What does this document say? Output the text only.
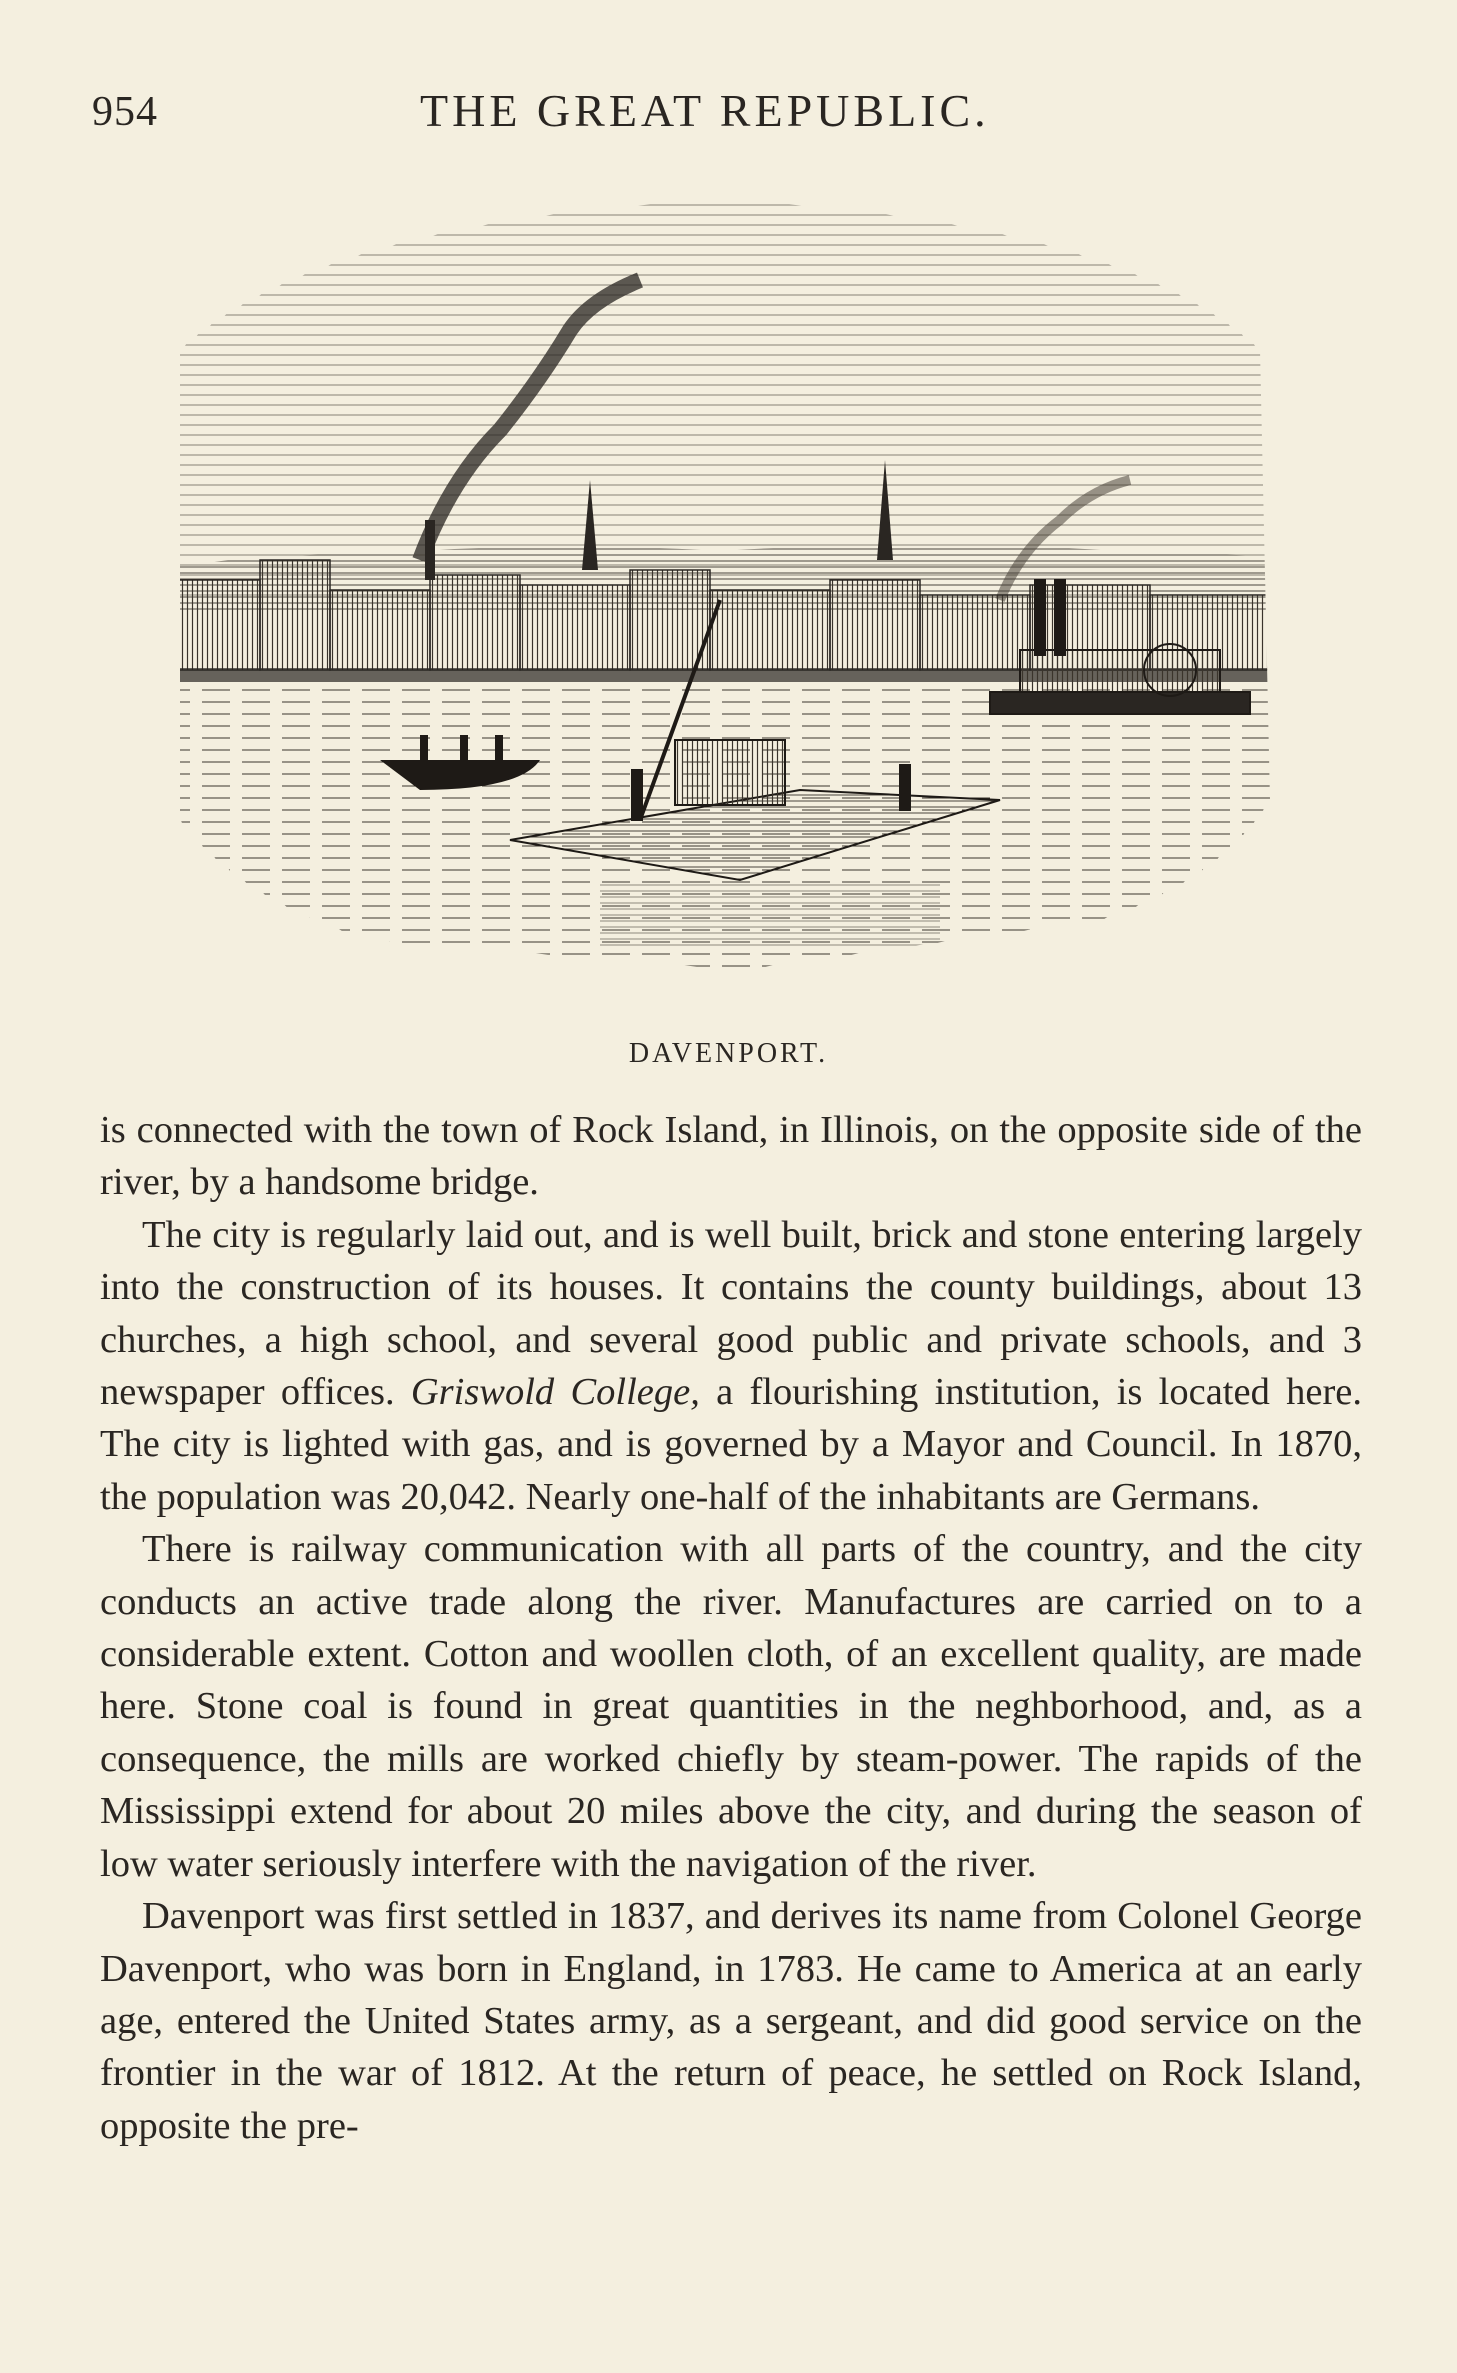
954	THE GREAT REPUBLIC.
DAVENPORT.

is connected with the town of Rock Island, in Illinois, on the opposite side of the river, by a handsome bridge.

The city is regularly laid out, and is well built, brick and stone entering largely into the construction of its houses. It contains the county buildings, about 13 churches, a high school, and several good public and private schools, and 3 newspaper offices. Griswold College, a flourishing institution, is located here. The city is lighted with gas, and is governed by a Mayor and Council. In 1870, the population was 20,042. Nearly one-half of the inhabitants are Germans.

There is railway communication with all parts of the country, and the city conducts an active trade along the river. Manufactures are carried on to a considerable extent. Cotton and woollen cloth, of an excellent quality, are made here. Stone coal is found in great quantities in the neghborhood, and, as a consequence, the mills are worked chiefly by steam-power. The rapids of the Mississippi extend for about 20 miles above the city, and during the season of low water seriously interfere with the navigation of the river.

Davenport was first settled in 1837, and derives its name from Colonel George Davenport, who was born in England, in 1783. He came to America at an early age, entered the United States army, as a sergeant, and did good service on the frontier in the war of 1812. At the return of peace, he settled on Rock Island, opposite the pre-
